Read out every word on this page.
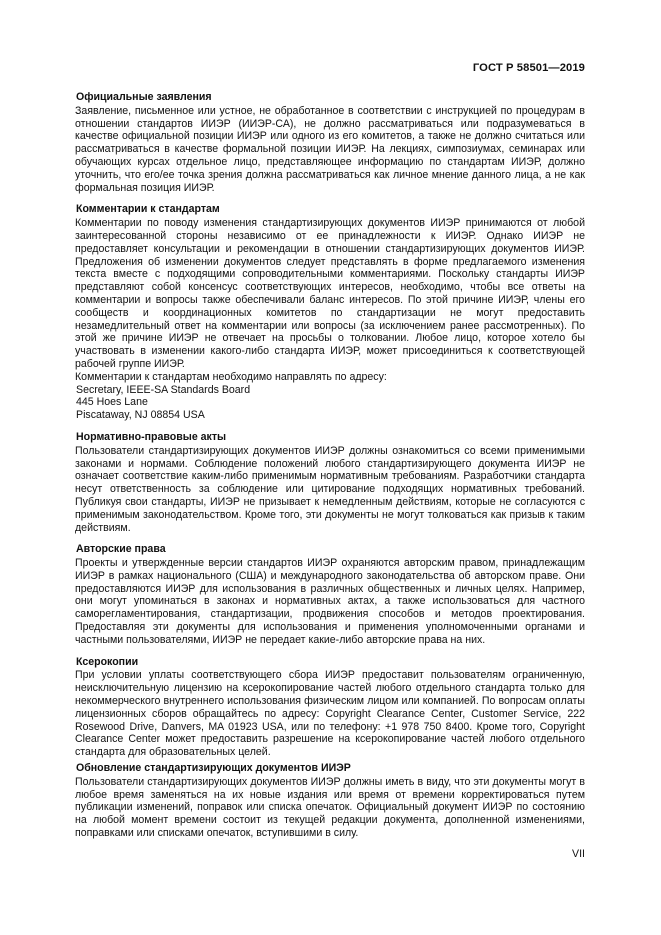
ГОСТ Р 58501—2019
Официальные заявления

Заявление, письменное или устное, не обработанное в соответствии с инструкцией по процедурам в отношении стандартов ИИЭР (ИИЭР-СА), не должно рассматриваться или подразумеваться в качестве официальной позиции ИИЭР или одного из его комитетов, а также не должно считаться или рассматриваться в качестве формальной позиции ИИЭР. На лекциях, симпозиумах, семинарах или обучающих курсах отдельное лицо, представляющее информацию по стандартам ИИЭР, должно уточнить, что его/ее точка зрения должна рассматриваться как личное мнение данного лица, а не как формальная позиция ИИЭР.

Комментарии к стандартам

Комментарии по поводу изменения стандартизирующих документов ИИЭР принимаются от любой заинтересованной стороны независимо от ее принадлежности к ИИЭР. Однако ИИЭР не предоставляет консультации и рекомендации в отношении стандартизирующих документов ИИЭР. Предложения об изменении документов следует представлять в форме предлагаемого изменения текста вместе с подходящими сопроводительными комментариями. Поскольку стандарты ИИЭР представляют собой консенсус соответствующих интересов, необходимо, чтобы все ответы на комментарии и вопросы также обеспечивали баланс интересов. По этой причине ИИЭР, члены его сообществ и координационных комитетов по стандартизации не могут предоставить незамедлительный ответ на комментарии или вопросы (за исключением ранее рассмотренных). По этой же причине ИИЭР не отвечает на просьбы о толковании. Любое лицо, которое хотело бы участвовать в изменении какого-либо стандарта ИИЭР, может присоединиться к соответствующей рабочей группе ИИЭР.

Комментарии к стандартам необходимо направлять по адресу:

Secretary, IEEE-SA Standards Board

445 Hoes Lane

Piscataway, NJ 08854 USA

Нормативно-правовые акты

Пользователи стандартизирующих документов ИИЭР должны ознакомиться со всеми применимыми законами и нормами. Соблюдение положений любого стандартизирующего документа ИИЭР не означает соответствие каким-либо применимым нормативным требованиям. Разработчики стандарта несут ответственность за соблюдение или цитирование подходящих нормативных требований. Публикуя свои стандарты, ИИЭР не призывает к немедленным действиям, которые не согласуются с применимым законодательством. Кроме того, эти документы не могут толковаться как призыв к таким действиям.

Авторские права

Проекты и утвержденные версии стандартов ИИЭР охраняются авторским правом, принадлежащим ИИЭР в рамках национального (США) и международного законодательства об авторском праве. Они предоставляются ИИЭР для использования в различных общественных и личных целях. Например, они могут упоминаться в законах и нормативных актах, а также использоваться для частного саморегламентирования, стандартизации, продвижения способов и методов проектирования. Предоставляя эти документы для использования и применения уполномоченными органами и частными пользователями, ИИЭР не передает какие-либо авторские права на них.

Ксерокопии

При условии уплаты соответствующего сбора ИИЭР предоставит пользователям ограниченную, неисключительную лицензию на ксерокопирование частей любого отдельного стандарта только для некоммерческого внутреннего использования физическим лицом или компанией. По вопросам оплаты лицензионных сборов обращайтесь по адресу: Copyright Clearance Center, Customer Service, 222 Rosewood Drive, Danvers, MA 01923 USA, или по телефону: +1 978 750 8400. Кроме того, Copyright Clearance Center может предоставить разрешение на ксерокопирование частей любого отдельного стандарта для образовательных целей.

Обновление стандартизирующих документов ИИЭР

Пользователи стандартизирующих документов ИИЭР должны иметь в виду, что эти документы могут в любое время заменяться на их новые издания или время от времени корректироваться путем публикации изменений, поправок или списка опечаток. Официальный документ ИИЭР по состоянию на любой момент времени состоит из текущей редакции документа, дополненной изменениями, поправками или списками опечаток, вступившими в силу.

VII
